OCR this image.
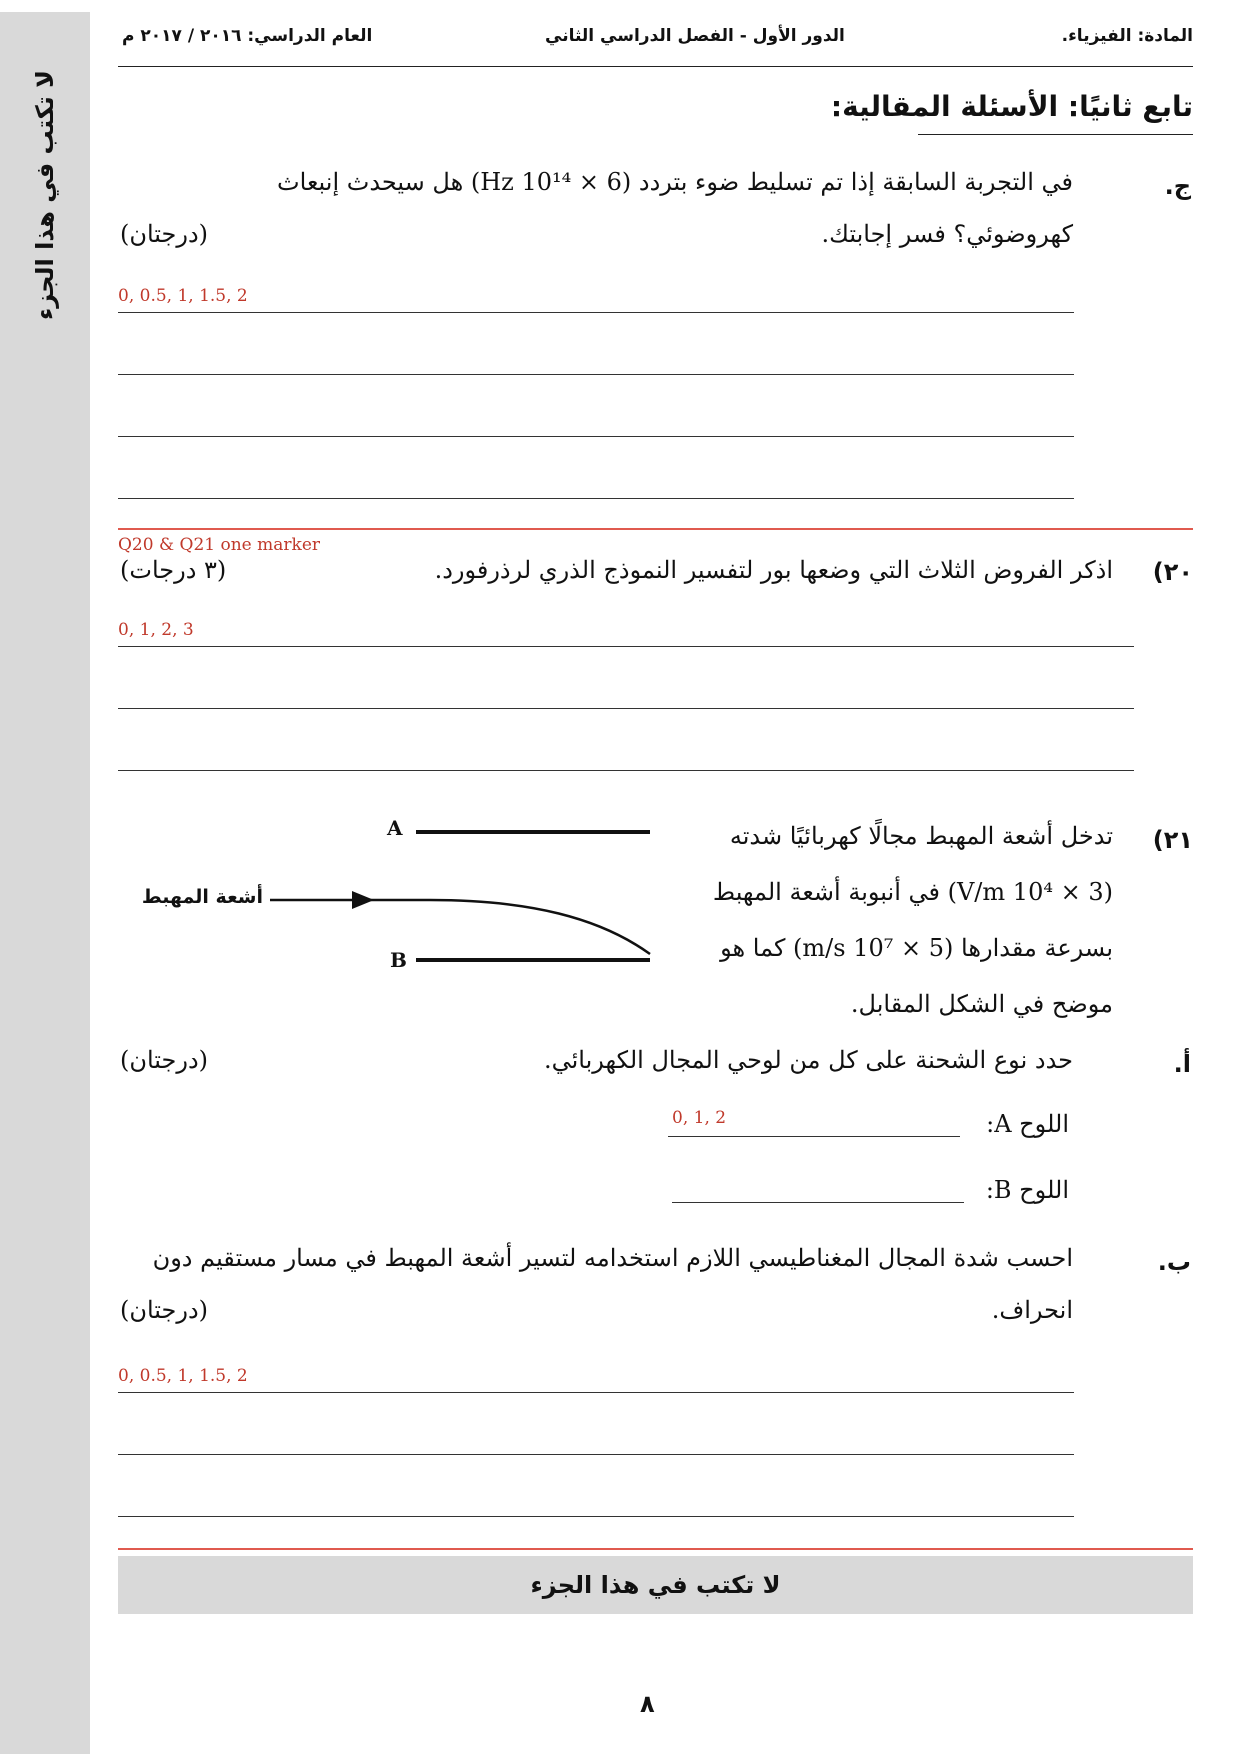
لا تكتب في هذا الجزء
المادة: الفيزياء.
الدور الأول - الفصل الدراسي الثاني
العام الدراسي: ٢٠١٦ / ٢٠١٧ م
تابع ثانيًا: الأسئلة المقالية:
ج.
في التجربة السابقة إذا تم تسليط ضوء بتردد (6 × 10¹⁴ Hz) هل سيحدث إنبعاث
كهروضوئي؟ فسر إجابتك.
(درجتان)
0, 0.5, 1, 1.5, 2
Q20 & Q21 one marker
٢٠)
اذكر الفروض الثلاث التي وضعها بور لتفسير النموذج الذري لرذرفورد.
(٣ درجات)
0, 1, 2, 3
٢١)
تدخل أشعة المهبط مجالًا كهربائيًا شدته
(3 × 10⁴ V/m) في أنبوبة أشعة المهبط
بسرعة مقدارها (5 × 10⁷ m/s) كما هو
موضح في الشكل المقابل.
A
B
أشعة المهبط
أ.
حدد نوع الشحنة على كل من لوحي المجال الكهربائي.
(درجتان)
اللوح A:
0, 1, 2
اللوح B:
ب.
احسب شدة المجال المغناطيسي اللازم استخدامه لتسير أشعة المهبط في مسار مستقيم دون
انحراف.
(درجتان)
0, 0.5, 1, 1.5, 2
لا تكتب في هذا الجزء
٨
